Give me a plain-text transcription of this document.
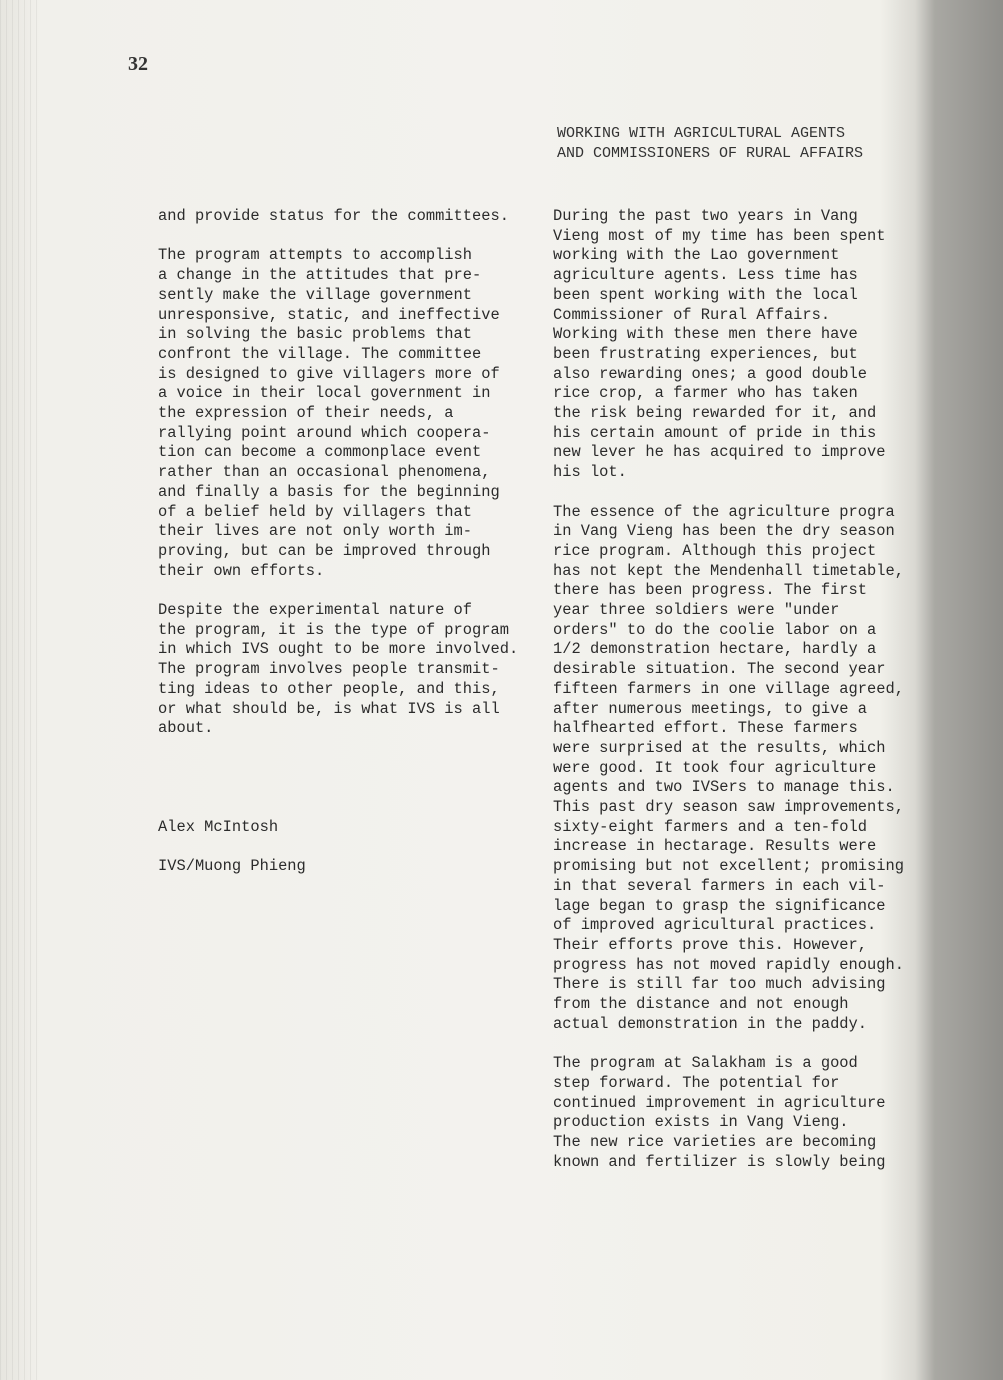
32
WORKING WITH AGRICULTURAL AGENTS
AND COMMISSIONERS OF RURAL AFFAIRS

and provide status for the committees.

The program attempts to accomplish
a change in the attitudes that pre-
sently make the village government
unresponsive, static, and ineffective
in solving the basic problems that
confront the village. The committee
is designed to give villagers more of
a voice in their local government in
the expression of their needs, a
rallying point around which coopera-
tion can become a commonplace event
rather than an occasional phenomena,
and finally a basis for the beginning
of a belief held by villagers that
their lives are not only worth im-
proving, but can be improved through
their own efforts.

Despite the experimental nature of
the program, it is the type of program
in which IVS ought to be more involved.
The program involves people transmit-
ting ideas to other people, and this,
or what should be, is what IVS is all
about.

Alex McIntosh

IVS/Muong Phieng

During the past two years in Vang
Vieng most of my time has been spent
working with the Lao government
agriculture agents. Less time has
been spent working with the local
Commissioner of Rural Affairs.
Working with these men there have
been frustrating experiences, but
also rewarding ones; a good double
rice crop, a farmer who has taken
the risk being rewarded for it, and
his certain amount of pride in this
new lever he has acquired to improve
his lot.

The essence of the agriculture progra
in Vang Vieng has been the dry season
rice program. Although this project
has not kept the Mendenhall timetable,
there has been progress. The first
year three soldiers were "under
orders" to do the coolie labor on a
1/2 demonstration hectare, hardly a
desirable situation. The second year
fifteen farmers in one village agreed,
after numerous meetings, to give a
halfhearted effort. These farmers
were surprised at the results, which
were good. It took four agriculture
agents and two IVSers to manage this.
This past dry season saw improvements,
sixty-eight farmers and a ten-fold
increase in hectarage. Results were
promising but not excellent; promising
in that several farmers in each vil-
lage began to grasp the significance
of improved agricultural practices.
Their efforts prove this. However,
progress has not moved rapidly enough.
There is still far too much advising
from the distance and not enough
actual demonstration in the paddy.

The program at Salakham is a good
step forward. The potential for
continued improvement in agriculture
production exists in Vang Vieng.
The new rice varieties are becoming
known and fertilizer is slowly being
